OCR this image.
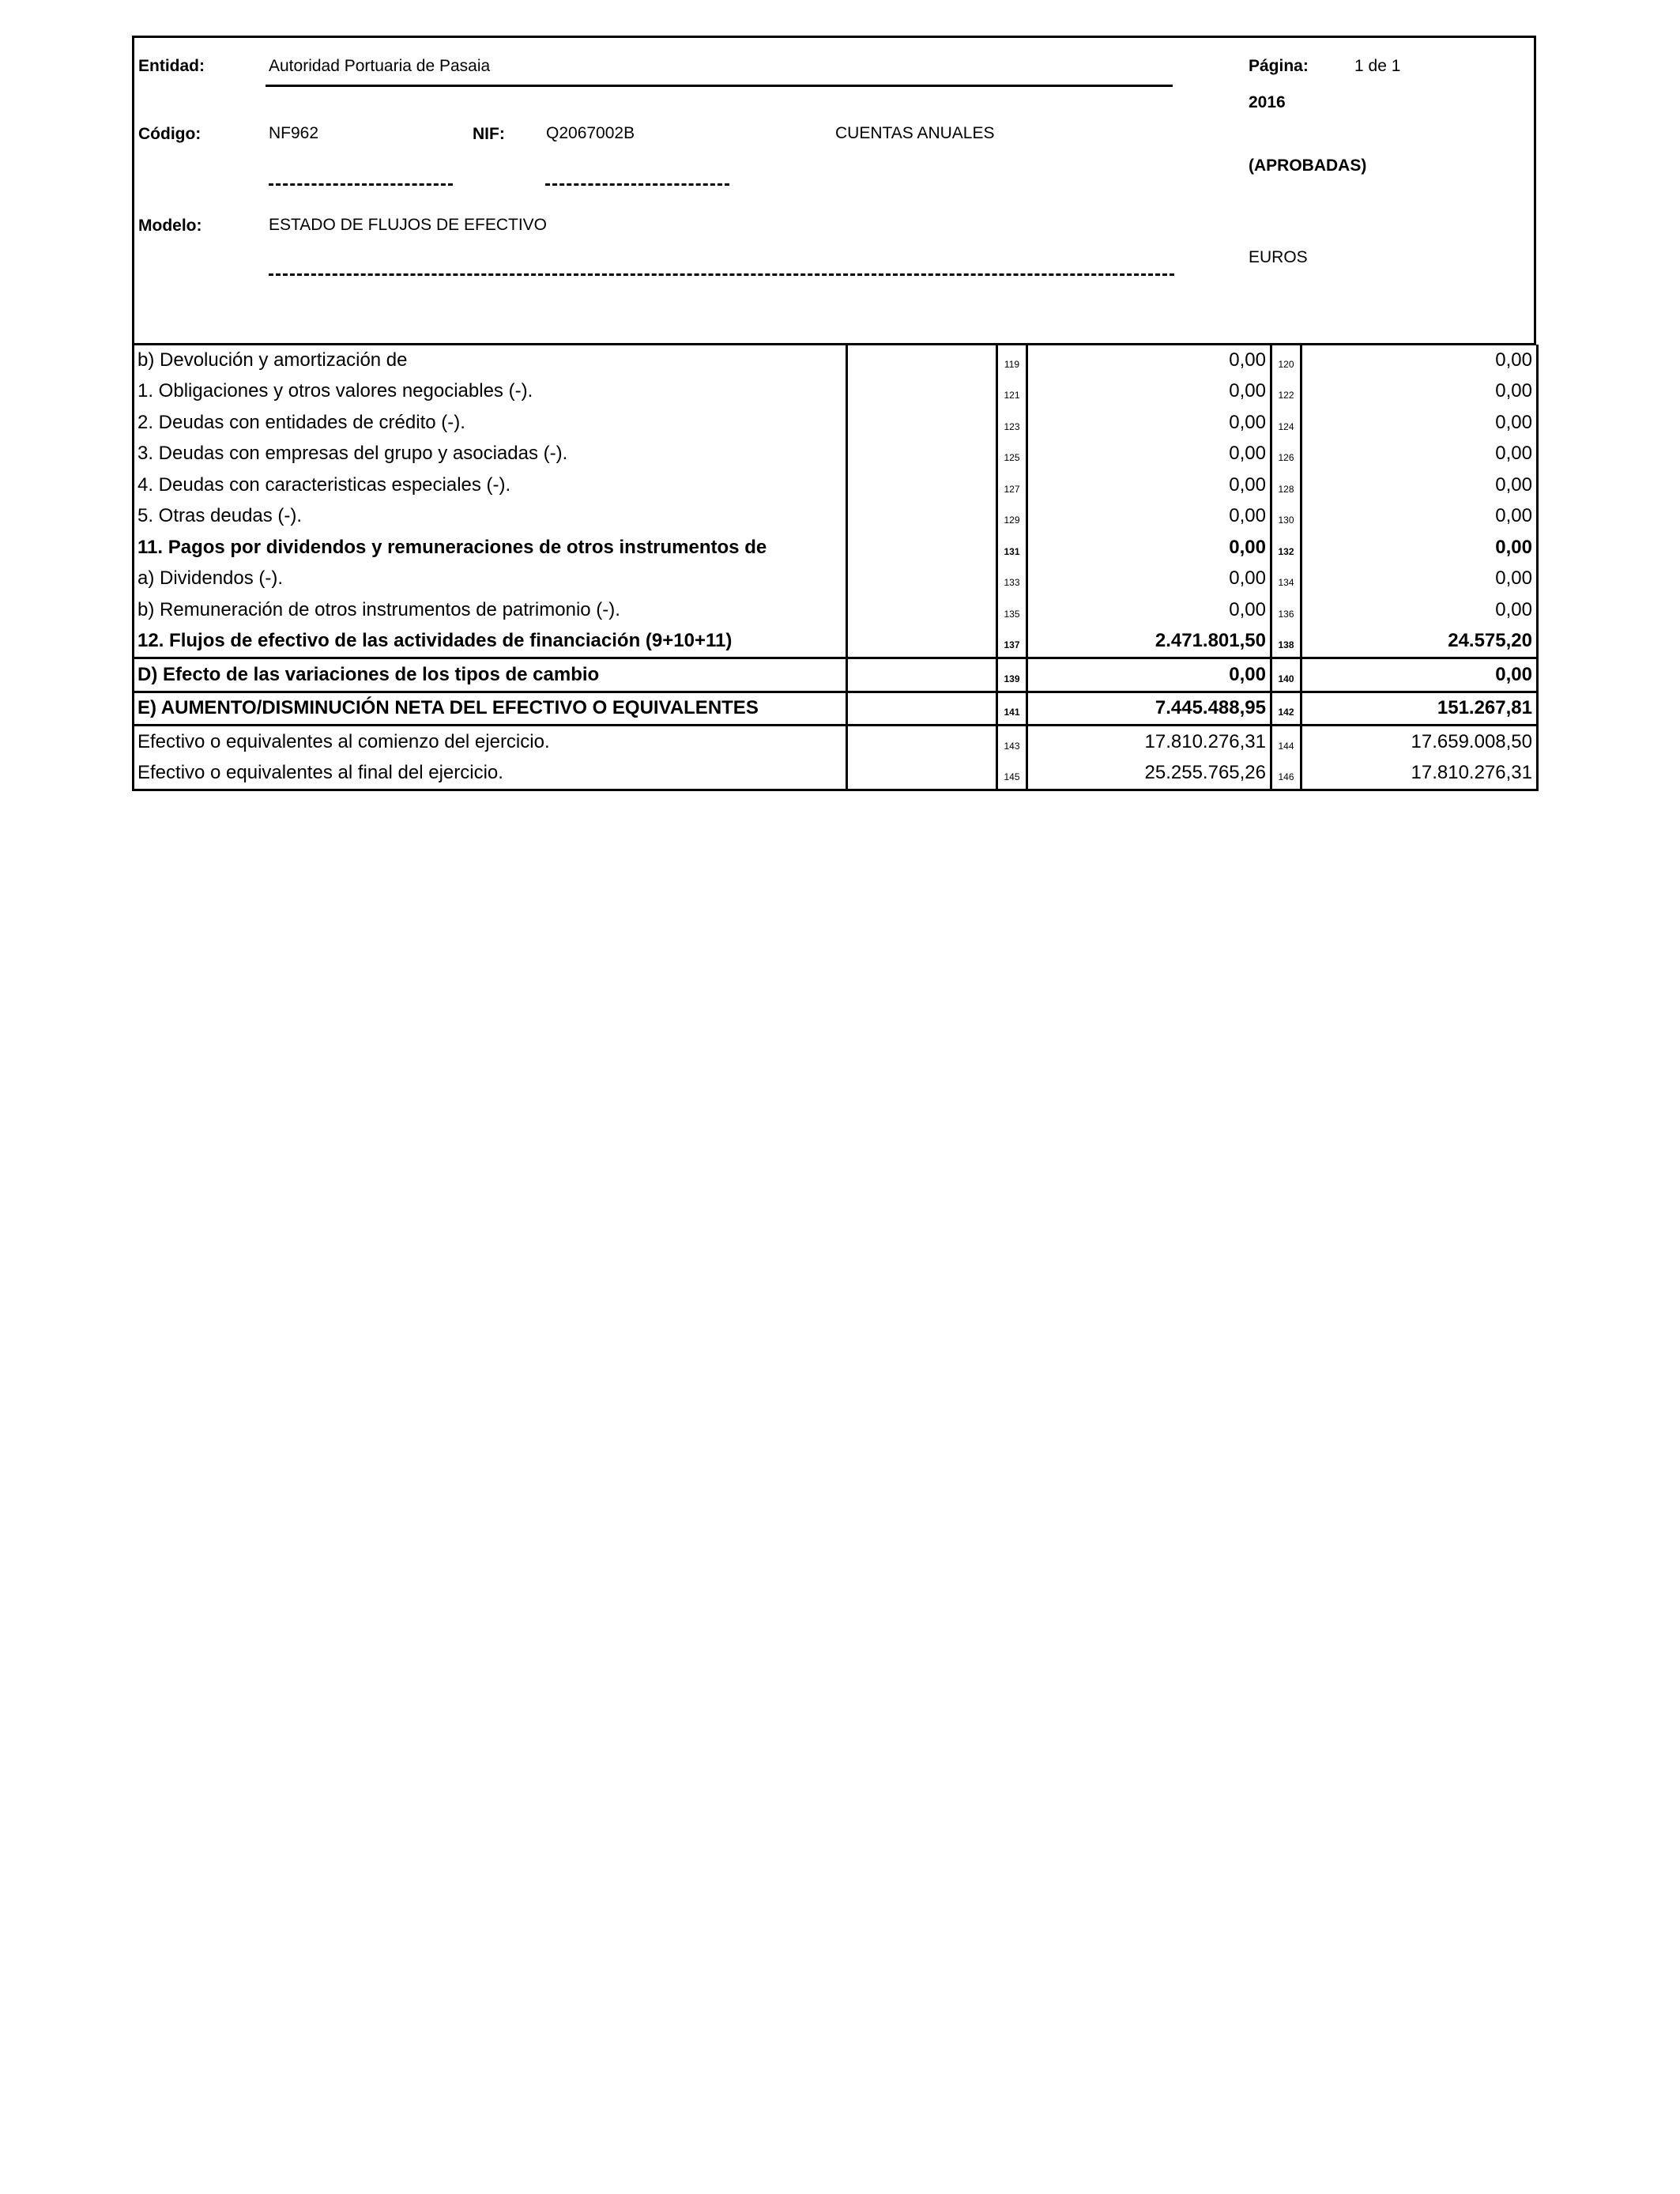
Entidad:	Autoridad Portuaria de Pasaia	Página:	1 de 1
2016
Código:	NF962	NIF: Q2067002B	CUENTAS ANUALES
(APROBADAS)
Modelo:	ESTADO DE FLUJOS DE EFECTIVO
EUROS
b) Devolución y amortización de		119	0,00	120	0,00
1. Obligaciones y otros valores negociables (-).		121	0,00	122	0,00
2. Deudas con entidades de crédito (-).		123	0,00	124	0,00
3. Deudas con empresas del grupo y asociadas (-).		125	0,00	126	0,00
4. Deudas con caracteristicas especiales (-).		127	0,00	128	0,00
5. Otras deudas (-).		129	0,00	130	0,00
11. Pagos por dividendos y remuneraciones de otros instrumentos de		131	0,00	132	0,00
a) Dividendos (-).		133	0,00	134	0,00
b) Remuneración de otros instrumentos de patrimonio (-).		135	0,00	136	0,00
12. Flujos de efectivo de las actividades de financiación (9+10+11)		137	2.471.801,50	138	24.575,20
D) Efecto de las variaciones de los tipos de cambio		139	0,00	140	0,00
E) AUMENTO/DISMINUCIÓN NETA DEL EFECTIVO O EQUIVALENTES		141	7.445.488,95	142	151.267,81
Efectivo o equivalentes al comienzo del ejercicio.		143	17.810.276,31	144	17.659.008,50
Efectivo o equivalentes al final del ejercicio.		145	25.255.765,26	146	17.810.276,31
